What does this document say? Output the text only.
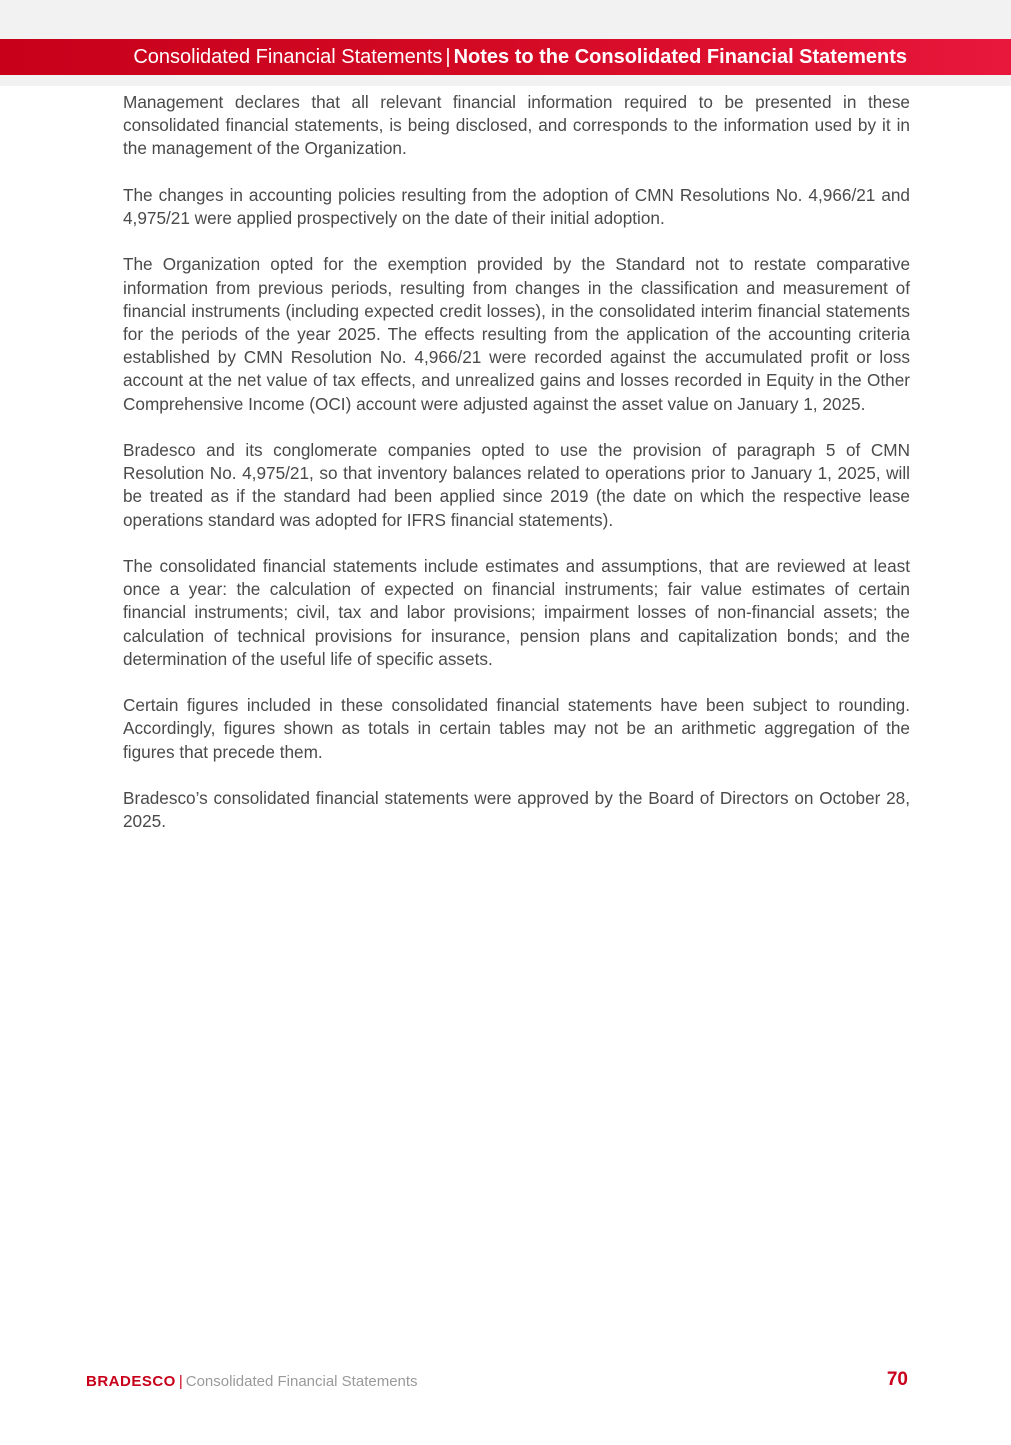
Consolidated Financial Statements | Notes to the Consolidated Financial Statements

Management declares that all relevant financial information required to be presented in these consolidated financial statements, is being disclosed, and corresponds to the information used by it in the management of the Organization.

The changes in accounting policies resulting from the adoption of CMN Resolutions No. 4,966/21 and 4,975/21 were applied prospectively on the date of their initial adoption.

The Organization opted for the exemption provided by the Standard not to restate comparative information from previous periods, resulting from changes in the classification and measurement of financial instruments (including expected credit losses), in the consolidated interim financial statements for the periods of the year 2025. The effects resulting from the application of the accounting criteria established by CMN Resolution No. 4,966/21 were recorded against the accumulated profit or loss account at the net value of tax effects, and unrealized gains and losses recorded in Equity in the Other Comprehensive Income (OCI) account were adjusted against the asset value on January 1, 2025.

Bradesco and its conglomerate companies opted to use the provision of paragraph 5 of CMN Resolution No. 4,975/21, so that inventory balances related to operations prior to January 1, 2025, will be treated as if the standard had been applied since 2019 (the date on which the respective lease operations standard was adopted for IFRS financial statements).

The consolidated financial statements include estimates and assumptions, that are reviewed at least once a year: the calculation of expected on financial instruments; fair value estimates of certain financial instruments; civil, tax and labor provisions; impairment losses of non-financial assets; the calculation of technical provisions for insurance, pension plans and capitalization bonds; and the determination of the useful life of specific assets.

Certain figures included in these consolidated financial statements have been subject to rounding. Accordingly, figures shown as totals in certain tables may not be an arithmetic aggregation of the figures that precede them.

Bradesco’s consolidated financial statements were approved by the Board of Directors on October 28, 2025.

BRADESCO | Consolidated Financial Statements	70
